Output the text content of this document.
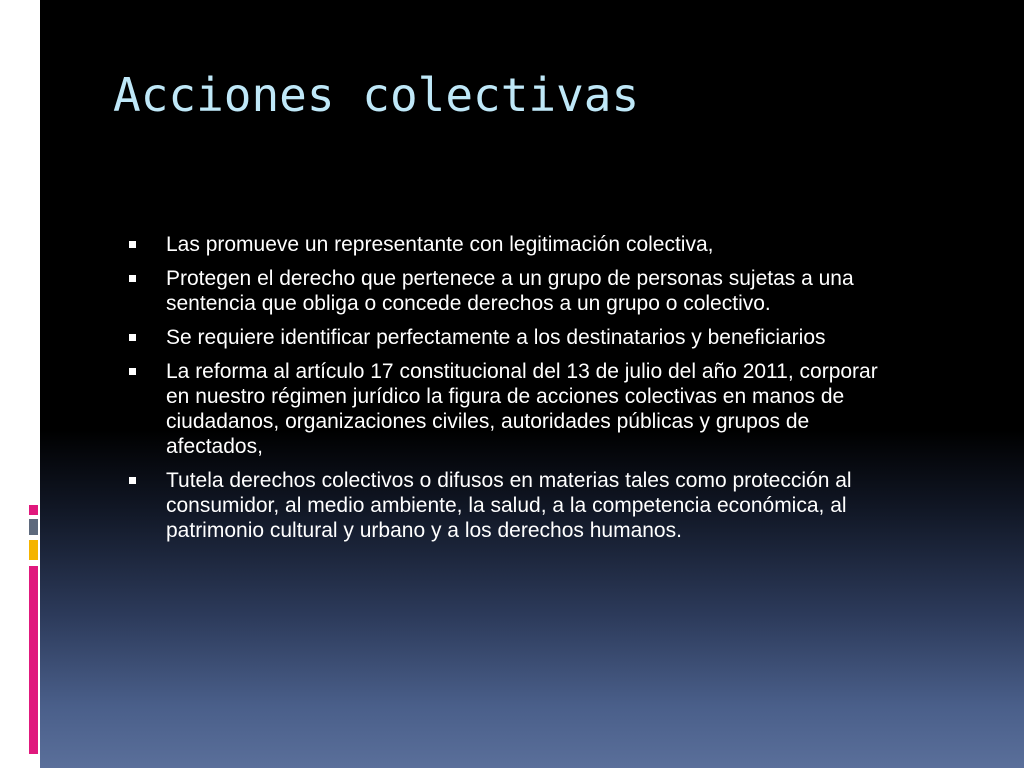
Acciones colectivas
Las promueve un representante con legitimación colectiva,
Protegen el derecho que pertenece a un grupo de personas sujetas a una sentencia que obliga o concede derechos a un grupo o colectivo.
Se requiere identificar perfectamente a los destinatarios y beneficiarios
La reforma al artículo 17 constitucional del 13 de julio del año 2011, corporar en nuestro régimen jurídico la figura de acciones colectivas en manos de ciudadanos, organizaciones civiles, autoridades públicas y grupos de afectados,
Tutela derechos colectivos o difusos en materias tales como protección al consumidor, al medio ambiente, la salud, a la competencia económica, al patrimonio cultural y urbano y a los derechos humanos.
